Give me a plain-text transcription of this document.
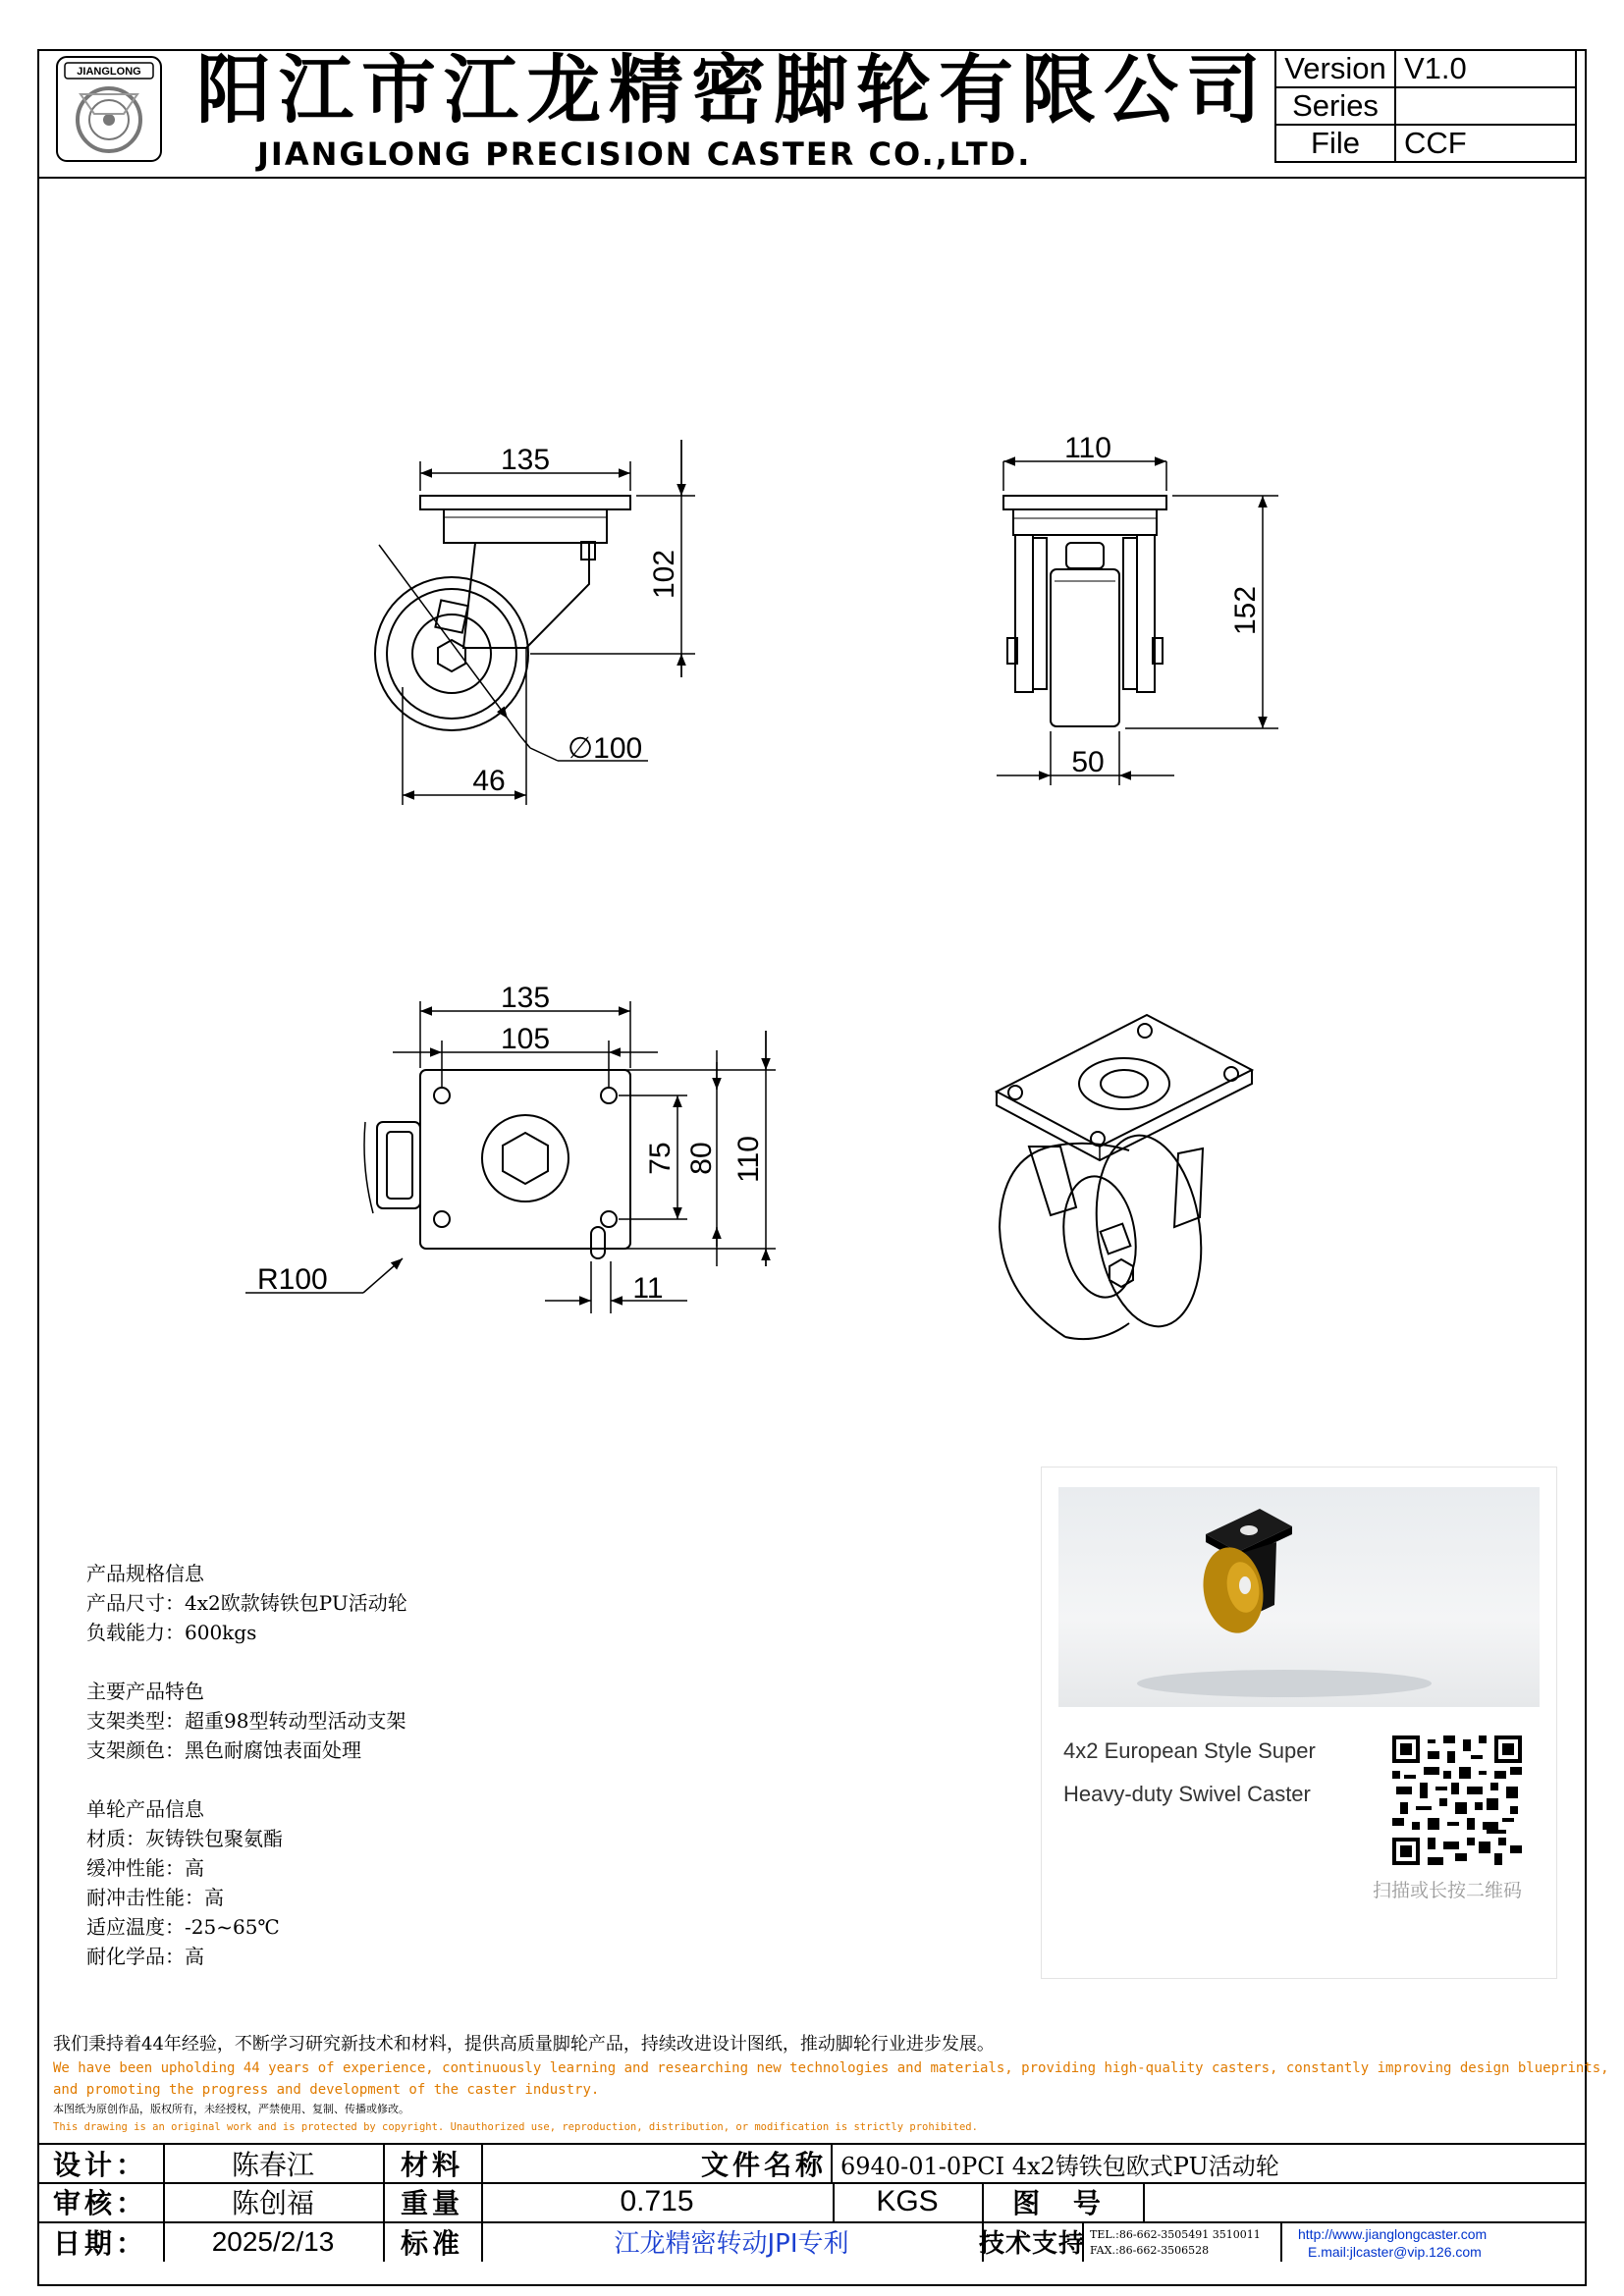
JIANGLONG 阳江市江龙精密脚轮有限公司
JIANGLONG PRECISION CASTER CO.,LTD.
Version	V1.0
Series	
File	CCF
135
102
∅100
46
110
152
50
135
105
75 80 110
11
R100
产品规格信息
产品尺寸：4x2欧款铸铁包PU活动轮
负载能力：600kgs
主要产品特色
支架类型：超重98型转动型活动支架
支架颜色：黑色耐腐蚀表面处理
单轮产品信息
材质：灰铸铁包聚氨酯
缓冲性能：高
耐冲击性能：高
适应温度：-25~65℃
耐化学品：高
4x2 European Style Super
Heavy-duty Swivel Caster
扫描或长按二维码
我们秉持着44年经验，不断学习研究新技术和材料，提供高质量脚轮产品，持续改进设计图纸，推动脚轮行业进步发展。
We have been upholding 44 years of experience, continuously learning and researching new technologies and materials, providing high-quality casters, constantly improving design blueprints,
and promoting the progress and development of the caster industry.
本图纸为原创作品，版权所有，未经授权，严禁使用、复制、传播或修改。
This drawing is an original work and is protected by copyright. Unauthorized use, reproduction, distribution, or modification is strictly prohibited.
设计：	陈春江	材料	文件名称 6940-01-0PCI 4x2铸铁包欧式PU活动轮
审核：	陈创福	重量	0.715	KGS	图 号
日期：	2025/2/13	标准	江龙精密转动JPI专利	技术支持 TEL.:86-662-3505491 3510011
FAX.:86-662-3506528
http://www.jianglongcaster.com
E.mail:jlcaster@vip.126.com
